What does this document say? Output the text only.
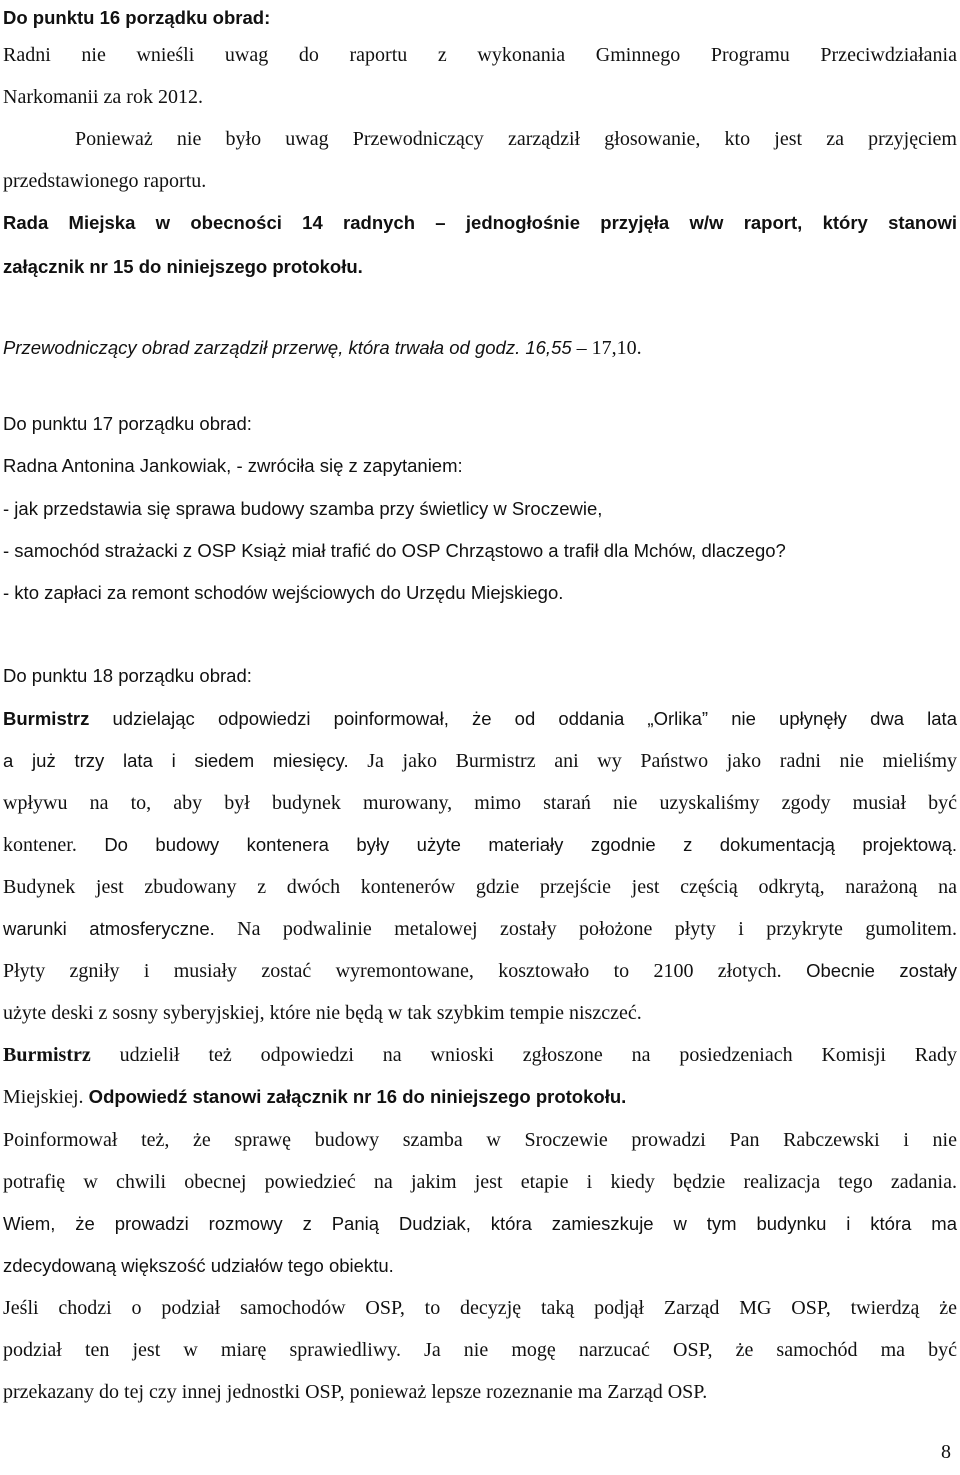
Do punktu 16 porządku obrad:
Radni nie wnieśli uwag do raportu z wykonania Gminnego Programu Przeciwdziałania
Narkomanii za rok 2012.
Ponieważ nie było uwag Przewodniczący zarządził głosowanie, kto jest za przyjęciem
przedstawionego raportu.
Rada Miejska w obecności 14 radnych – jednogłośnie przyjęła w/w raport, który stanowi
załącznik nr 15 do niniejszego protokołu.
Przewodniczący obrad zarządził przerwę, która trwała od godz. 16,55 – 17,10.
Do punktu 17 porządku obrad:
Radna Antonina Jankowiak, - zwróciła się z zapytaniem:
- jak przedstawia się sprawa budowy szamba przy świetlicy w Sroczewie,
- samochód strażacki z OSP Książ miał trafić do OSP Chrząstowo a trafił dla Mchów, dlaczego?
- kto zapłaci za remont schodów wejściowych do Urzędu Miejskiego.
Do punktu 18 porządku obrad:
Burmistrz udzielając odpowiedzi poinformował, że od oddania „Orlika” nie upłynęły dwa lata
a już trzy lata i siedem miesięcy. Ja jako Burmistrz ani wy Państwo jako radni nie mieliśmy
wpływu na to, aby był budynek murowany, mimo starań nie uzyskaliśmy zgody musiał być
kontener. Do budowy kontenera były użyte materiały zgodnie z dokumentacją projektową.
Budynek jest zbudowany z dwóch kontenerów gdzie przejście jest częścią odkrytą, narażoną na
warunki atmosferyczne. Na podwalinie metalowej zostały położone płyty i przykryte gumolitem.
Płyty zgniły i musiały zostać wyremontowane, kosztowało to 2100 złotych. Obecnie zostały
użyte deski z sosny syberyjskiej, które nie będą w tak szybkim tempie niszczeć.
Burmistrz udzielił też odpowiedzi na wnioski zgłoszone na posiedzeniach Komisji Rady
Miejskiej. Odpowiedź stanowi załącznik nr 16 do niniejszego protokołu.
Poinformował też, że sprawę budowy szamba w Sroczewie prowadzi Pan Rabczewski i nie
potrafię w chwili obecnej powiedzieć na jakim jest etapie i kiedy będzie realizacja tego zadania.
Wiem, że prowadzi rozmowy z Panią Dudziak, która zamieszkuje w tym budynku i która ma
zdecydowaną większość udziałów tego obiektu.
Jeśli chodzi o podział samochodów OSP, to decyzję taką podjął Zarząd MG OSP, twierdzą że
podział ten jest w miarę sprawiedliwy. Ja nie mogę narzucać OSP, że samochód ma być
przekazany do tej czy innej jednostki OSP, ponieważ lepsze rozeznanie ma Zarząd OSP.
8
